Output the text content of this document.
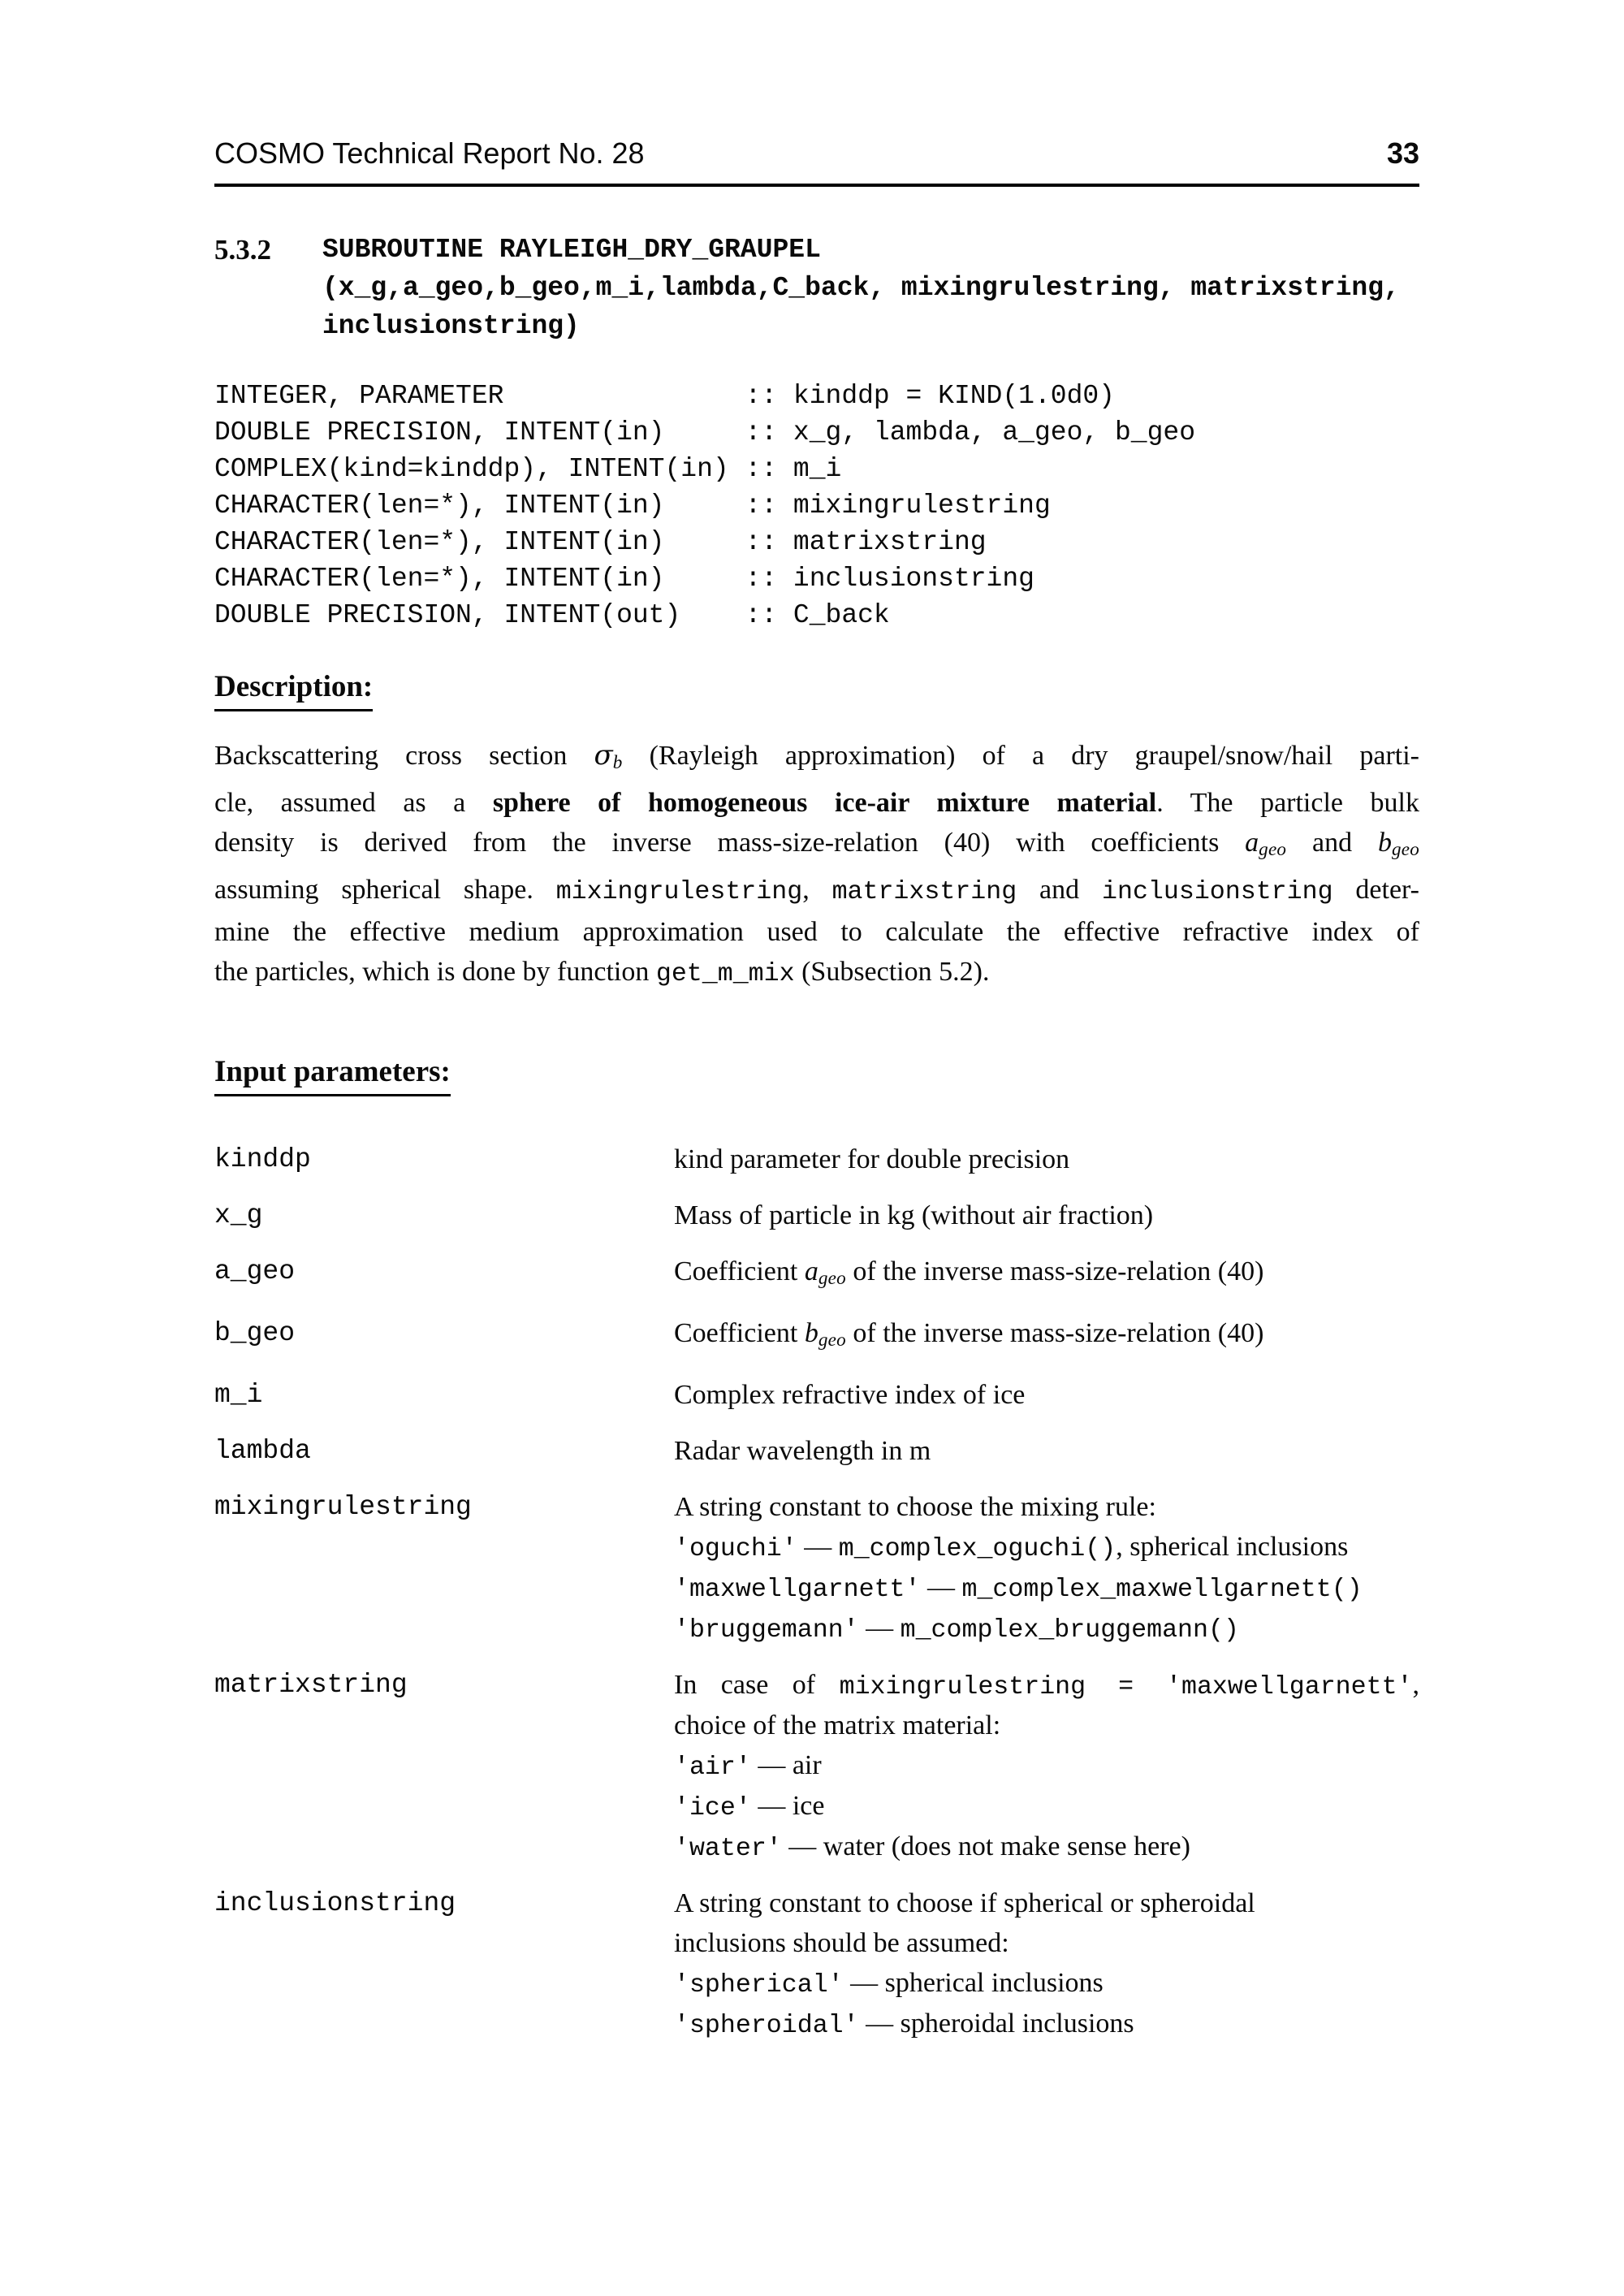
COSMO Technical Report No. 28	33
5.3.2	SUBROUTINE RAYLEIGH_DRY_GRAUPEL
(x_g,a_geo,b_geo,m_i,lambda,C_back, mixingrulestring, matrixstring,
inclusionstring)
INTEGER, PARAMETER               :: kinddp = KIND(1.0d0)
DOUBLE PRECISION, INTENT(in)     :: x_g, lambda, a_geo, b_geo
COMPLEX(kind=kinddp), INTENT(in) :: m_i
CHARACTER(len=*), INTENT(in)     :: mixingrulestring
CHARACTER(len=*), INTENT(in)     :: matrixstring
CHARACTER(len=*), INTENT(in)     :: inclusionstring
DOUBLE PRECISION, INTENT(out)    :: C_back
Description:
Backscattering cross section σb (Rayleigh approximation) of a dry graupel/snow/hail parti-
cle, assumed as a sphere of homogeneous ice-air mixture material. The particle bulk
density is derived from the inverse mass-size-relation (40) with coefficients ageo and bgeo
assuming spherical shape. mixingrulestring, matrixstring and inclusionstring deter-
mine the effective medium approximation used to calculate the effective refractive index of
the particles, which is done by function get_m_mix (Subsection 5.2).
Input parameters:
kinddp	kind parameter for double precision
x_g	Mass of particle in kg (without air fraction)
a_geo	Coefficient ageo of the inverse mass-size-relation (40)
b_geo	Coefficient bgeo of the inverse mass-size-relation (40)
m_i	Complex refractive index of ice
lambda	Radar wavelength in m
mixingrulestring	A string constant to choose the mixing rule:
'oguchi' — m_complex_oguchi(), spherical inclusions
'maxwellgarnett' — m_complex_maxwellgarnett()
'bruggemann' — m_complex_bruggemann()
matrixstring	In case of mixingrulestring = 'maxwellgarnett',
choice of the matrix material:
'air' — air
'ice' — ice
'water' — water (does not make sense here)
inclusionstring	A string constant to choose if spherical or spheroidal
inclusions should be assumed:
'spherical' — spherical inclusions
'spheroidal' — spheroidal inclusions
